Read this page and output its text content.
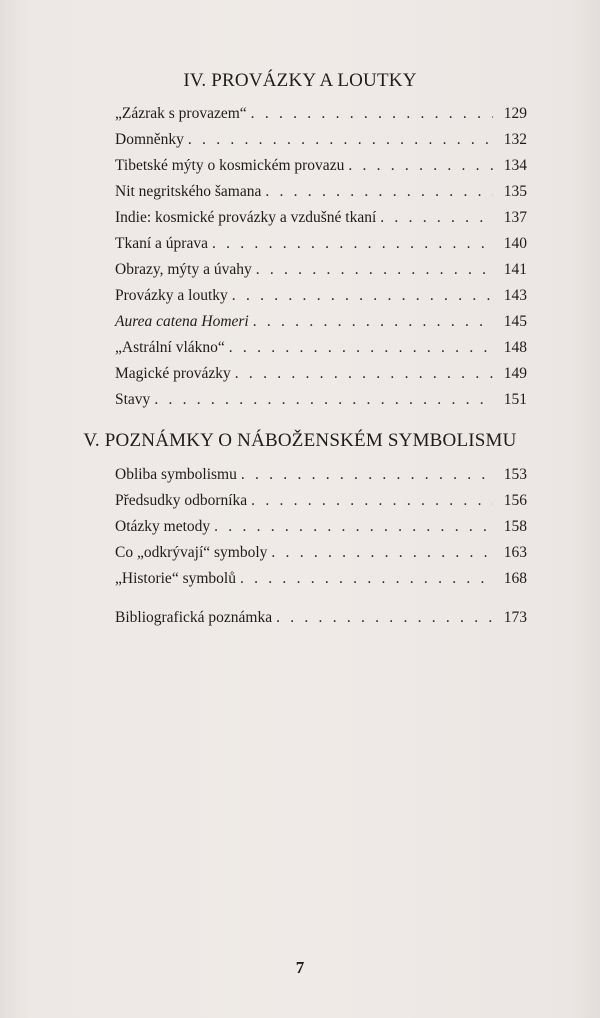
IV. PROVÁZKY A LOUTKY
„Zázrak s provazem“ . . .	129
Domněnky . . .	132
Tibetské mýty o kosmickém provazu . . .	134
Nit negritského šamana . . .	135
Indie: kosmické provázky a vzdušné tkaní . . .	137
Tkaní a úprava . . .	140
Obrazy, mýty a úvahy . . .	141
Provázky a loutky . . .	143
Aurea catena Homeri . . .	145
„Astrální vlákno“ . . .	148
Magické provázky . . .	149
Stavy . . .	151
V. POZNÁMKY O NÁBOŽENSKÉM SYMBOLISMU
Obliba symbolismu . . .	153
Předsudky odborníka . . .	156
Otázky metody . . .	158
Co „odkrývají“ symboly . . .	163
„Historie“ symbolů . . .	168
Bibliografická poznámka . . .	173
7
